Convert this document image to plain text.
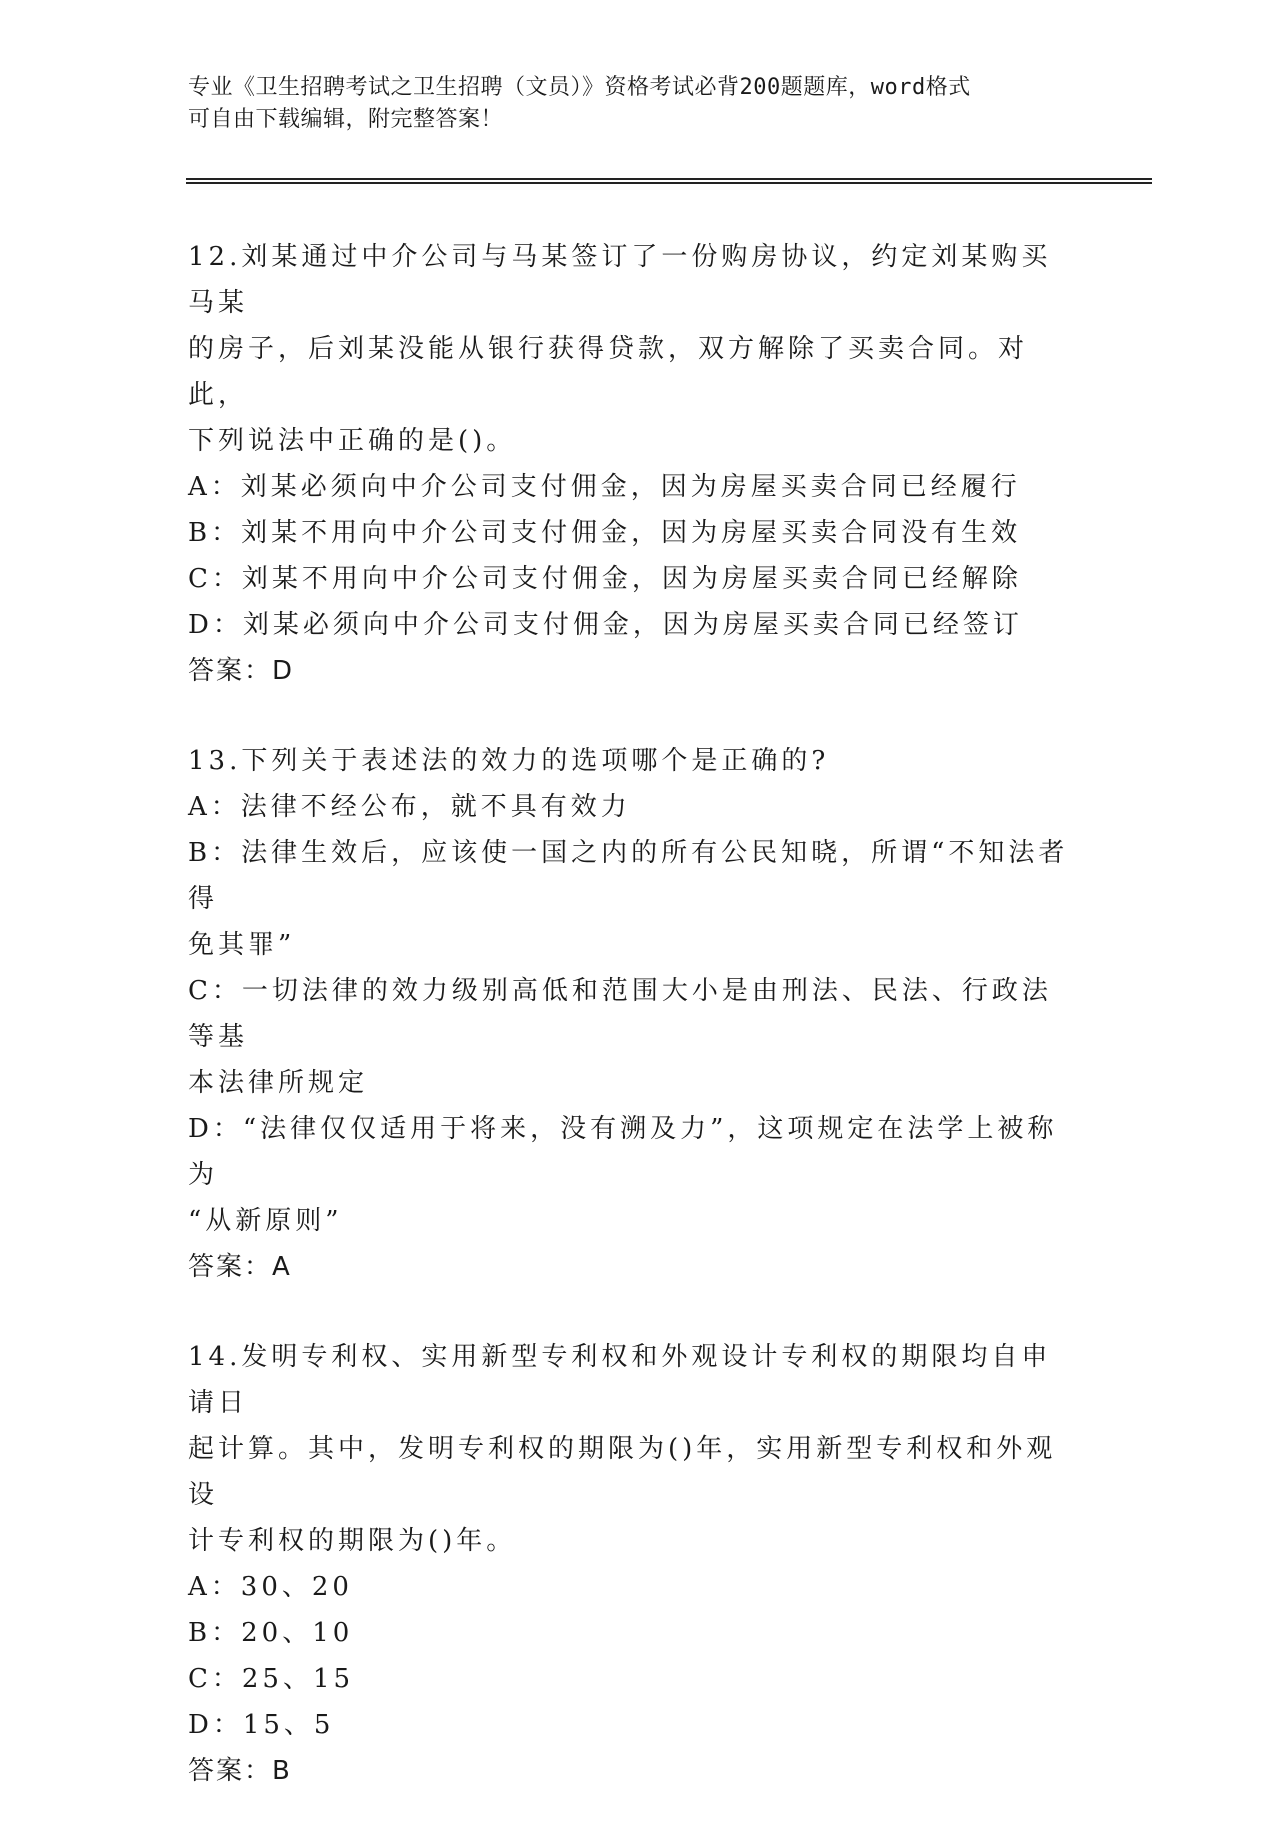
专业《卫生招聘考试之卫生招聘（文员）》资格考试必背200题题库，word格式
可自由下载编辑，附完整答案！
12.刘某通过中介公司与马某签订了一份购房协议，约定刘某购买马某
的房子，后刘某没能从银行获得贷款，双方解除了买卖合同。对此，
下列说法中正确的是()。
A：刘某必须向中介公司支付佣金，因为房屋买卖合同已经履行
B：刘某不用向中介公司支付佣金，因为房屋买卖合同没有生效
C：刘某不用向中介公司支付佣金，因为房屋买卖合同已经解除
D：刘某必须向中介公司支付佣金，因为房屋买卖合同已经签订
答案：D
13.下列关于表述法的效力的选项哪个是正确的?
A：法律不经公布，就不具有效力
B：法律生效后，应该使一国之内的所有公民知晓，所谓“不知法者得
免其罪”
C：一切法律的效力级别高低和范围大小是由刑法、民法、行政法等基
本法律所规定
D：“法律仅仅适用于将来，没有溯及力”，这项规定在法学上被称为
“从新原则”
答案：A
14.发明专利权、实用新型专利权和外观设计专利权的期限均自申请日
起计算。其中，发明专利权的期限为()年，实用新型专利权和外观设
计专利权的期限为()年。
A：30、20
B：20、10
C：25、15
D：15、5
答案：B
